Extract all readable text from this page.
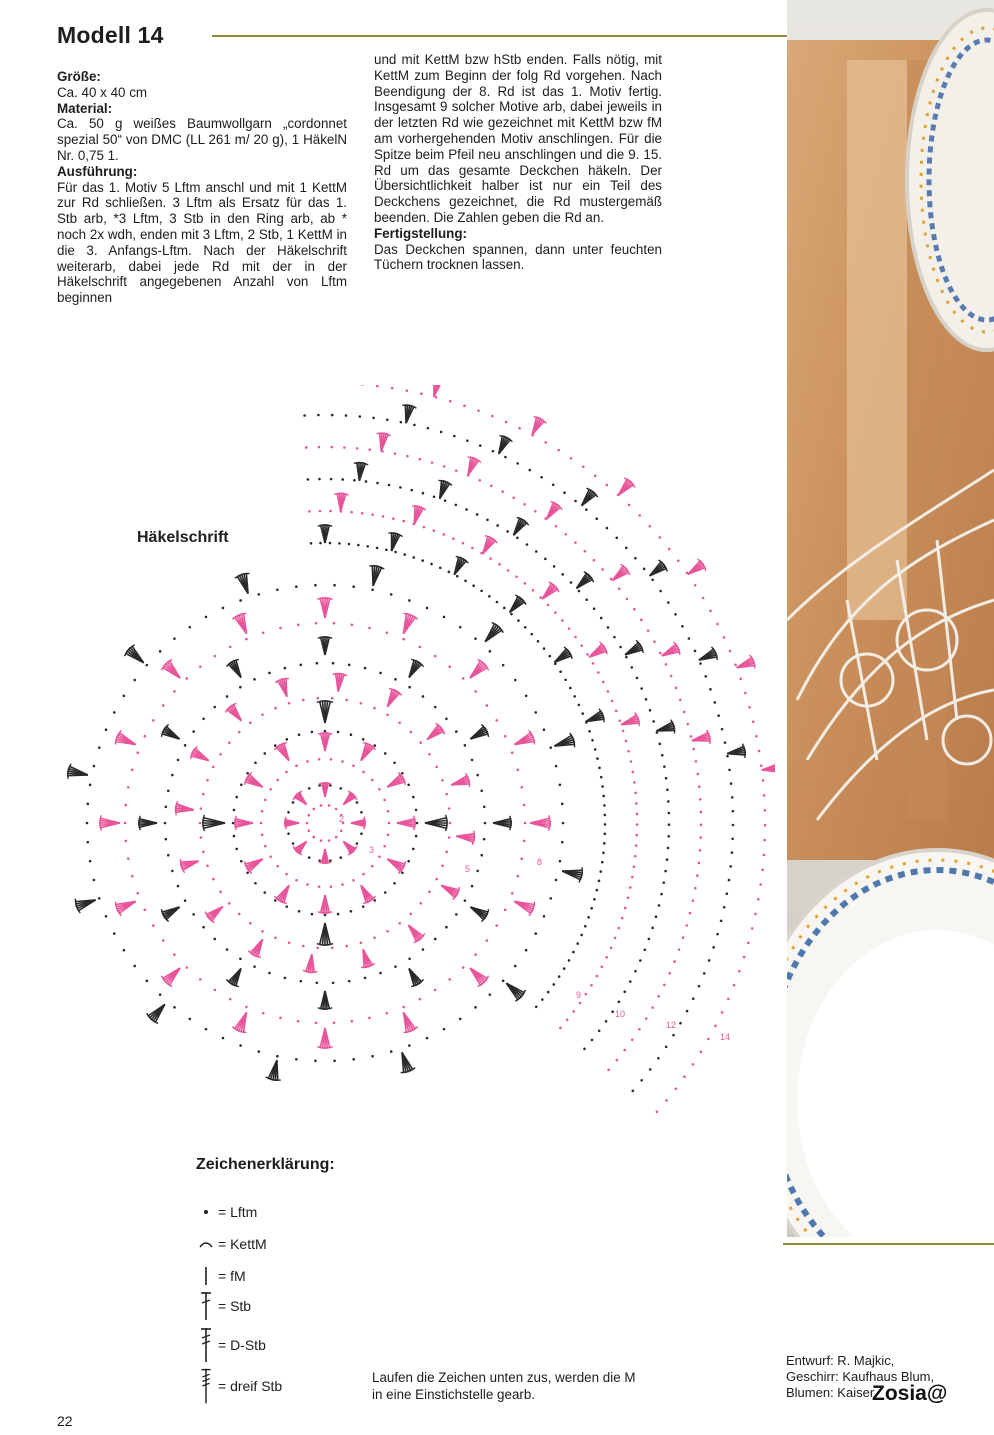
Modell 14

Größe:

Ca. 40 x 40 cm

Material:

Ca. 50 g weißes Baumwollgarn „cordonnet spezial 50“ von DMC (LL 261 m/ 20 g), 1 HäkelN Nr. 0,75 1.

Ausführung:

Für das 1. Motiv 5 Lftm anschl und mit 1 KettM zur Rd schließen. 3 Lftm als Ersatz für das 1. Stb arb, *3 Lftm, 3 Stb in den Ring arb, ab * noch 2x wdh, enden mit 3 Lftm, 2 Stb, 1 KettM in die 3. Anfangs-Lftm. Nach der Häkelschrift weiterarb, dabei jede Rd mit der in der Häkelschrift angegebenen Anzahl von Lftm beginnen

und mit KettM bzw hStb enden. Falls nötig, mit KettM zum Beginn der folg Rd vorgehen. Nach Beendigung der 8. Rd ist das 1. Motiv fertig. Insgesamt 9 solcher Motive arb, dabei jeweils in der letzten Rd wie gezeichnet mit KettM bzw fM am vorhergehenden Motiv anschlingen. Für die Spitze beim Pfeil neu anschlingen und die 9. 15. Rd um das gesamte Deckchen häkeln. Der Übersichtlichkeit halber ist nur ein Teil des Deckchens gezeichnet, die Rd mustergemäß beenden. Die Zahlen geben die Rd an.

Fertigstellung:

Das Deckchen spannen, dann unter feuchten Tüchern trocknen lassen.

Häkelschrift
2
3
5
8
9
10
12
14
Zeichenerklärung:
= Lftm
= KettM
= fM
= Stb
= D-Stb
= dreif Stb
Laufen die Zeichen unten zus, werden die M in eine Einstichstelle gearb.
Entwurf: R. Majkic,
Geschirr: Kaufhaus Blum,
Blumen: Kaiser
Zosia@
22
